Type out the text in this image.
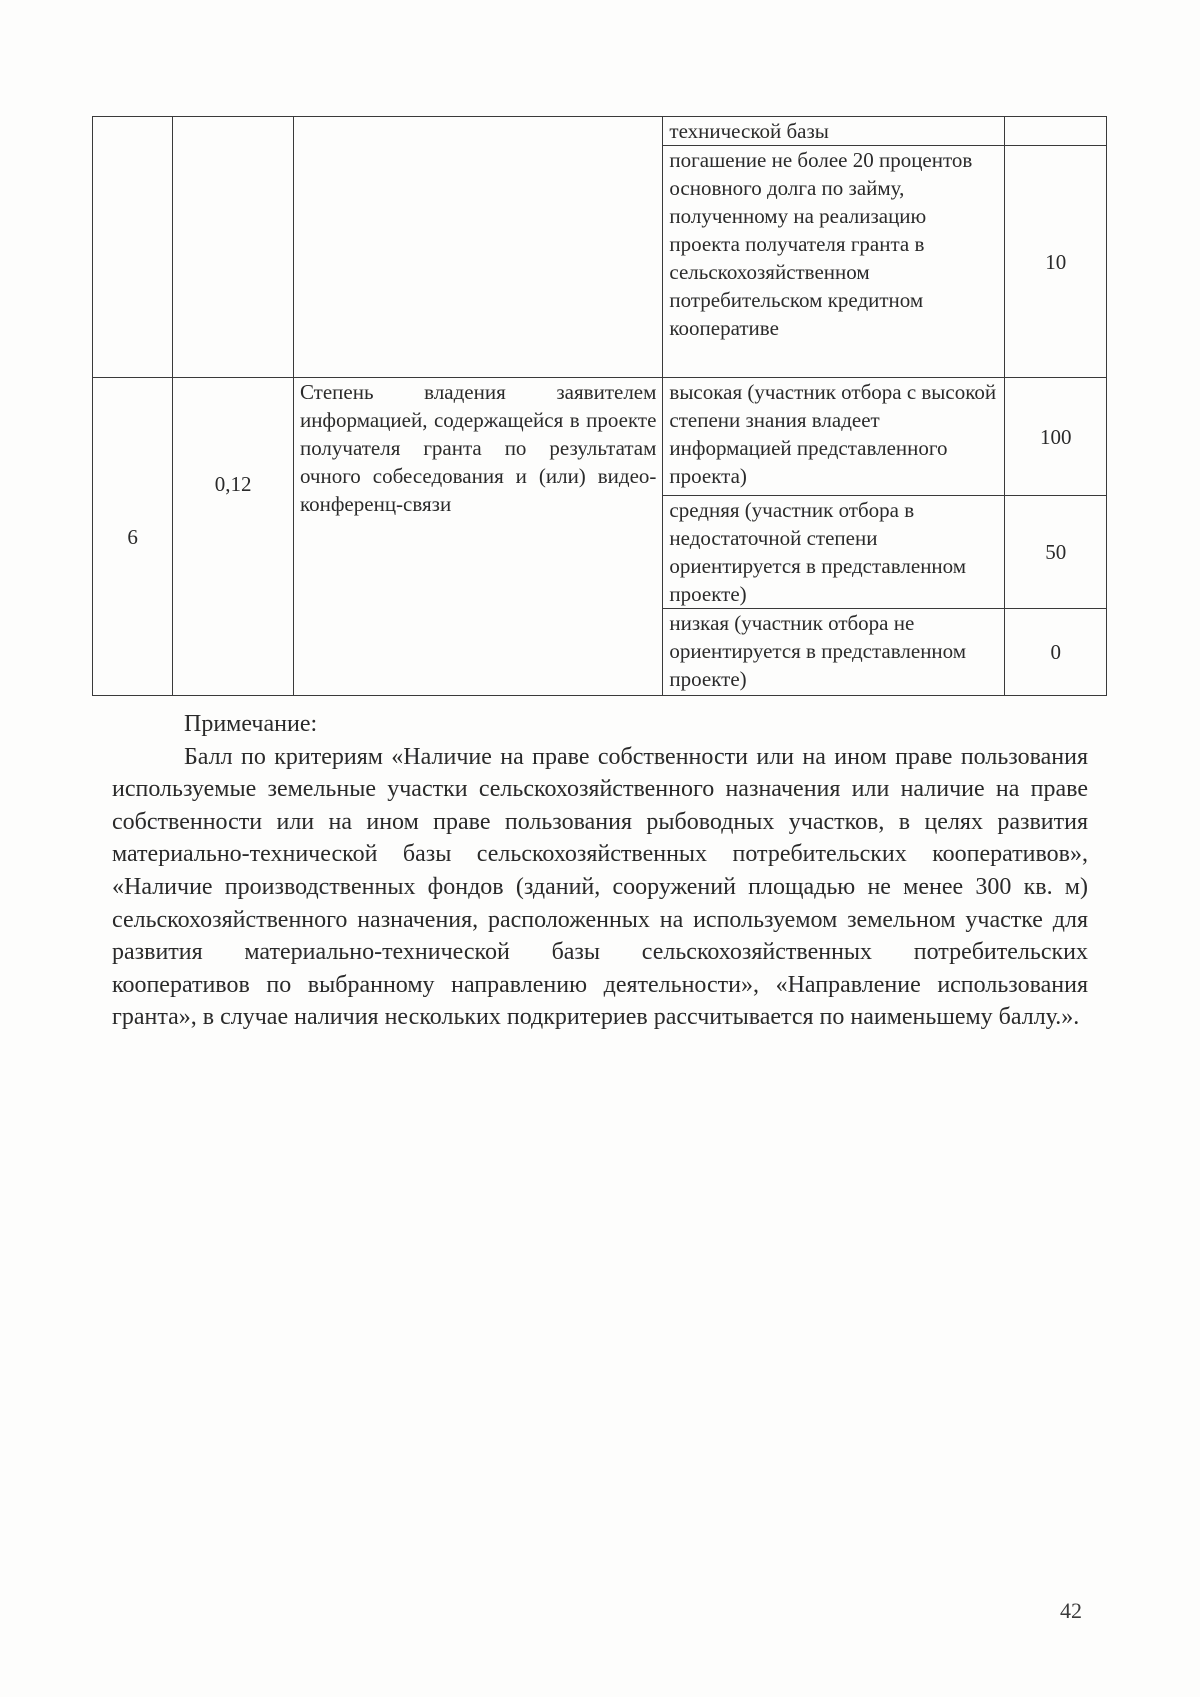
			технической базы	
			погашение не более 20 процентов основного долга по займу, полученному на реализацию проекта получателя гранта в сельскохозяйственном потребительском кредитном кооперативе	10
6	0,12	Степень владения заявителем информацией, содержащейся в проекте получателя гранта по результатам очного собеседования и (или) видео-конференц-связи	высокая (участник отбора с высокой степени знания владеет информацией представленного проекта)	100
			средняя (участник отбора в недостаточной степени ориентируется в представленном проекте)	50
			низкая (участник отбора не ориентируется в представленном проекте)	0

Примечание:

Балл по критериям «Наличие на праве собственности или на ином праве пользования используемые земельные участки сельскохозяйственного назначения или наличие на праве собственности или на ином праве пользования рыбоводных участков, в целях развития материально-технической базы сельскохозяйственных потребительских кооперативов», «Наличие производственных фондов (зданий, сооружений площадью не менее 300 кв. м) сельскохозяйственного назначения, расположенных на используемом земельном участке для развития материально-технической базы сельскохозяйственных потребительских кооперативов по выбранному направлению деятельности», «Направление использования гранта», в случае наличия нескольких подкритериев рассчитывается по наименьшему баллу.».

42
